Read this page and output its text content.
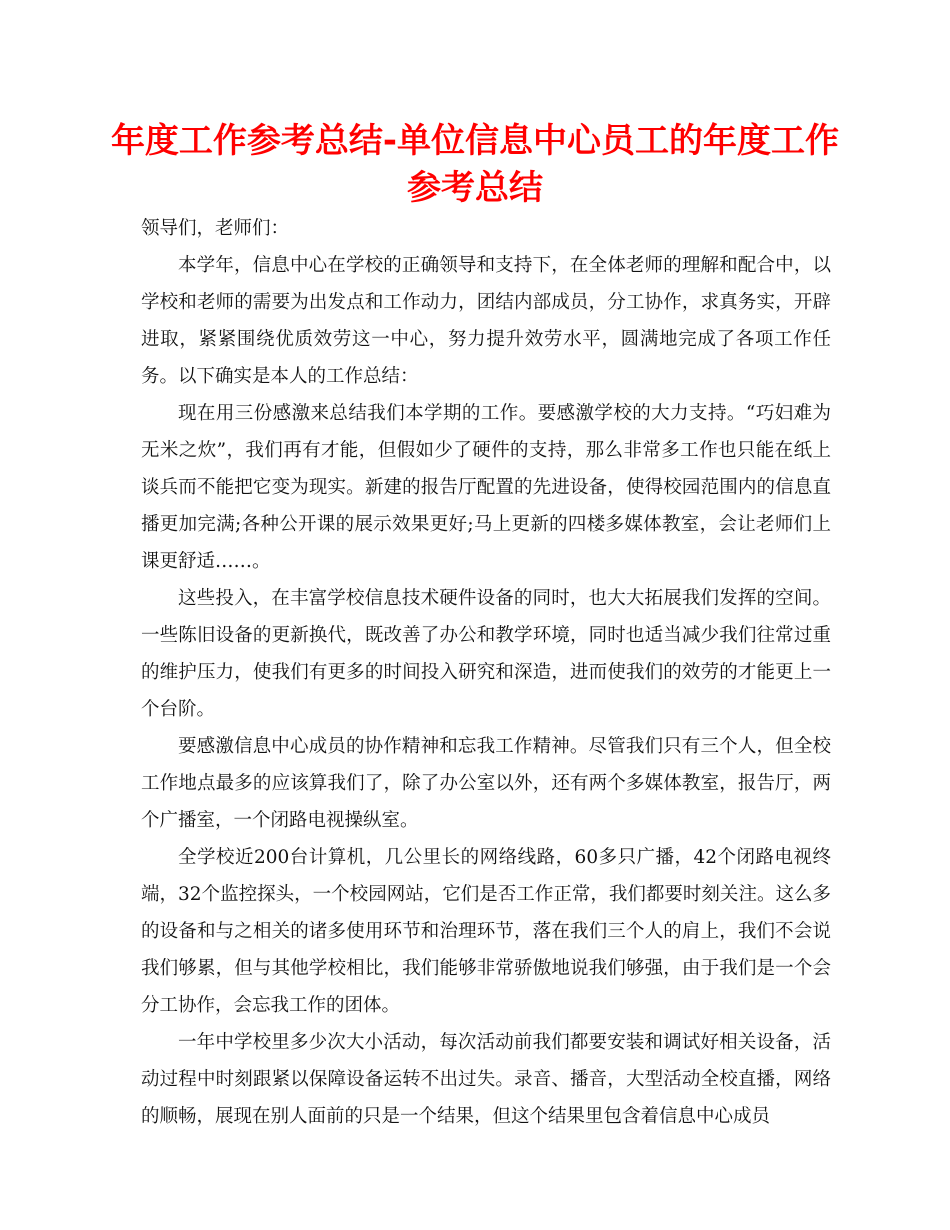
年度工作参考总结-单位信息中心员工的年度工作参考总结

领导们，老师们：

本学年，信息中心在学校的正确领导和支持下，在全体老师的理解和配合中，以学校和老师的需要为出发点和工作动力，团结内部成员，分工协作，求真务实，开辟进取，紧紧围绕优质效劳这一中心，努力提升效劳水平，圆满地完成了各项工作任务。以下确实是本人的工作总结：

现在用三份感激来总结我们本学期的工作。要感激学校的大力支持。“巧妇难为无米之炊”，我们再有才能，但假如少了硬件的支持，那么非常多工作也只能在纸上谈兵而不能把它变为现实。新建的报告厅配置的先进设备，使得校园范围内的信息直播更加完满;各种公开课的展示效果更好;马上更新的四楼多媒体教室，会让老师们上课更舒适……。

这些投入，在丰富学校信息技术硬件设备的同时，也大大拓展我们发挥的空间。一些陈旧设备的更新换代，既改善了办公和教学环境，同时也适当减少我们往常过重的维护压力，使我们有更多的时间投入研究和深造，进而使我们的效劳的才能更上一个台阶。

要感激信息中心成员的协作精神和忘我工作精神。尽管我们只有三个人，但全校工作地点最多的应该算我们了，除了办公室以外，还有两个多媒体教室，报告厅，两个广播室，一个闭路电视操纵室。

全学校近200台计算机，几公里长的网络线路，60多只广播，42个闭路电视终端，32个监控探头，一个校园网站，它们是否工作正常，我们都要时刻关注。这么多的设备和与之相关的诸多使用环节和治理环节，落在我们三个人的肩上，我们不会说我们够累，但与其他学校相比，我们能够非常骄傲地说我们够强，由于我们是一个会分工协作，会忘我工作的团体。

一年中学校里多少次大小活动，每次活动前我们都要安装和调试好相关设备，活动过程中时刻跟紧以保障设备运转不出过失。录音、播音，大型活动全校直播，网络的顺畅，展现在别人面前的只是一个结果，但这个结果里包含着信息中心成员
